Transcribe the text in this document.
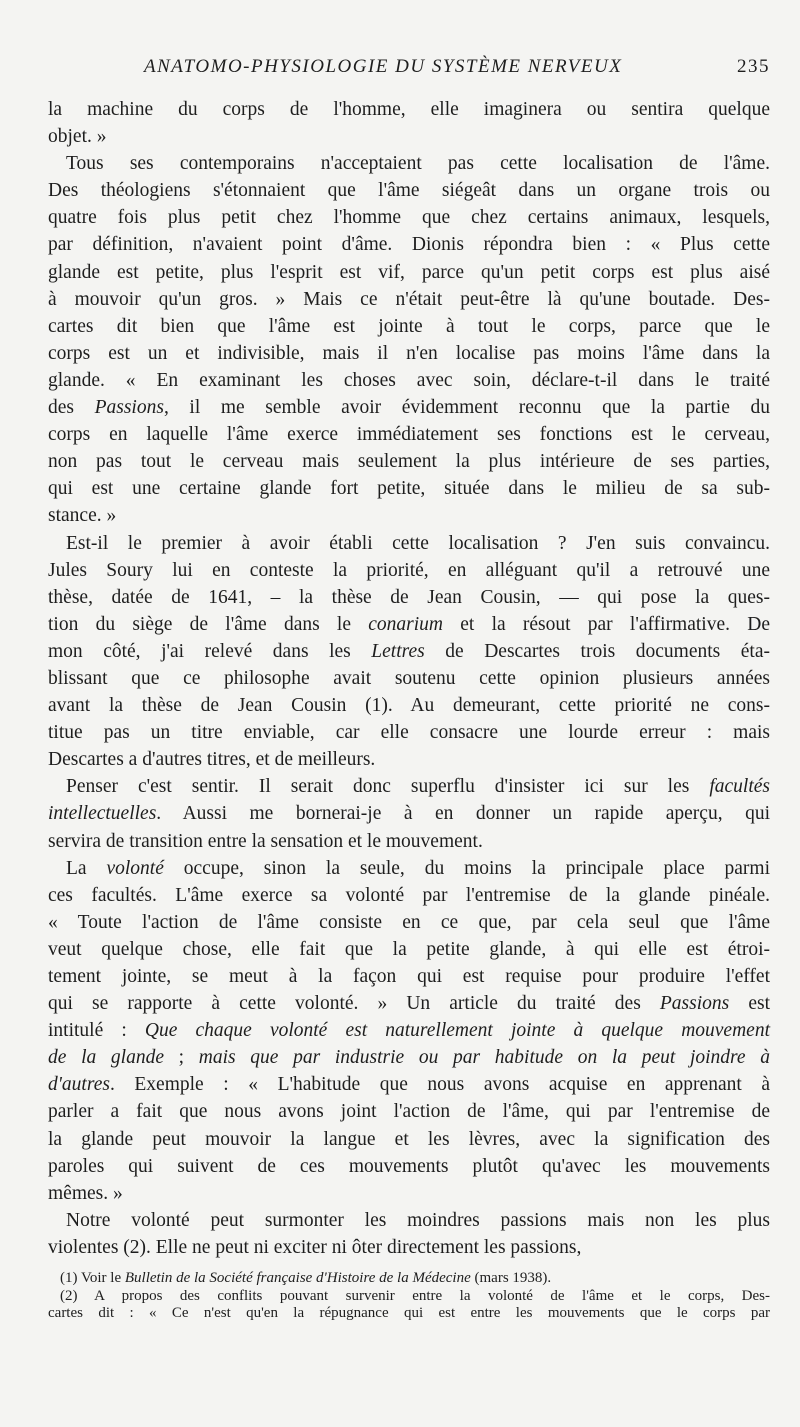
ANATOMO-PHYSIOLOGIE DU SYSTÈME NERVEUX	235
la machine du corps de l'homme, elle imaginera ou sentira quelque
objet. »
Tous ses contemporains n'acceptaient pas cette localisation de l'âme.
Des théologiens s'étonnaient que l'âme siégeât dans un organe trois ou
quatre fois plus petit chez l'homme que chez certains animaux, lesquels,
par définition, n'avaient point d'âme. Dionis répondra bien : « Plus cette
glande est petite, plus l'esprit est vif, parce qu'un petit corps est plus aisé
à mouvoir qu'un gros. » Mais ce n'était peut-être là qu'une boutade. Des-
cartes dit bien que l'âme est jointe à tout le corps, parce que le
corps est un et indivisible, mais il n'en localise pas moins l'âme dans la
glande. « En examinant les choses avec soin, déclare-t-il dans le traité
des Passions, il me semble avoir évidemment reconnu que la partie du
corps en laquelle l'âme exerce immédiatement ses fonctions est le cerveau,
non pas tout le cerveau mais seulement la plus intérieure de ses parties,
qui est une certaine glande fort petite, située dans le milieu de sa sub-
stance. »
Est-il le premier à avoir établi cette localisation ? J'en suis convaincu.
Jules Soury lui en conteste la priorité, en alléguant qu'il a retrouvé une
thèse, datée de 1641, – la thèse de Jean Cousin, — qui pose la ques-
tion du siège de l'âme dans le conarium et la résout par l'affirmative. De
mon côté, j'ai relevé dans les Lettres de Descartes trois documents éta-
blissant que ce philosophe avait soutenu cette opinion plusieurs années
avant la thèse de Jean Cousin (1). Au demeurant, cette priorité ne cons-
titue pas un titre enviable, car elle consacre une lourde erreur : mais
Descartes a d'autres titres, et de meilleurs.
Penser c'est sentir. Il serait donc superflu d'insister ici sur les facultés
intellectuelles. Aussi me bornerai-je à en donner un rapide aperçu, qui
servira de transition entre la sensation et le mouvement.
La volonté occupe, sinon la seule, du moins la principale place parmi
ces facultés. L'âme exerce sa volonté par l'entremise de la glande pinéale.
« Toute l'action de l'âme consiste en ce que, par cela seul que l'âme
veut quelque chose, elle fait que la petite glande, à qui elle est étroi-
tement jointe, se meut à la façon qui est requise pour produire l'effet
qui se rapporte à cette volonté. » Un article du traité des Passions est
intitulé : Que chaque volonté est naturellement jointe à quelque mouvement
de la glande ; mais que par industrie ou par habitude on la peut joindre à
d'autres. Exemple : « L'habitude que nous avons acquise en apprenant à
parler a fait que nous avons joint l'action de l'âme, qui par l'entremise de
la glande peut mouvoir la langue et les lèvres, avec la signification des
paroles qui suivent de ces mouvements plutôt qu'avec les mouvements
mêmes. »
Notre volonté peut surmonter les moindres passions mais non les plus
violentes (2). Elle ne peut ni exciter ni ôter directement les passions,
(1) Voir le Bulletin de la Société française d'Histoire de la Médecine (mars 1938).
(2) A propos des conflits pouvant survenir entre la volonté de l'âme et le corps, Des-
cartes dit : « Ce n'est qu'en la répugnance qui est entre les mouvements que le corps par
